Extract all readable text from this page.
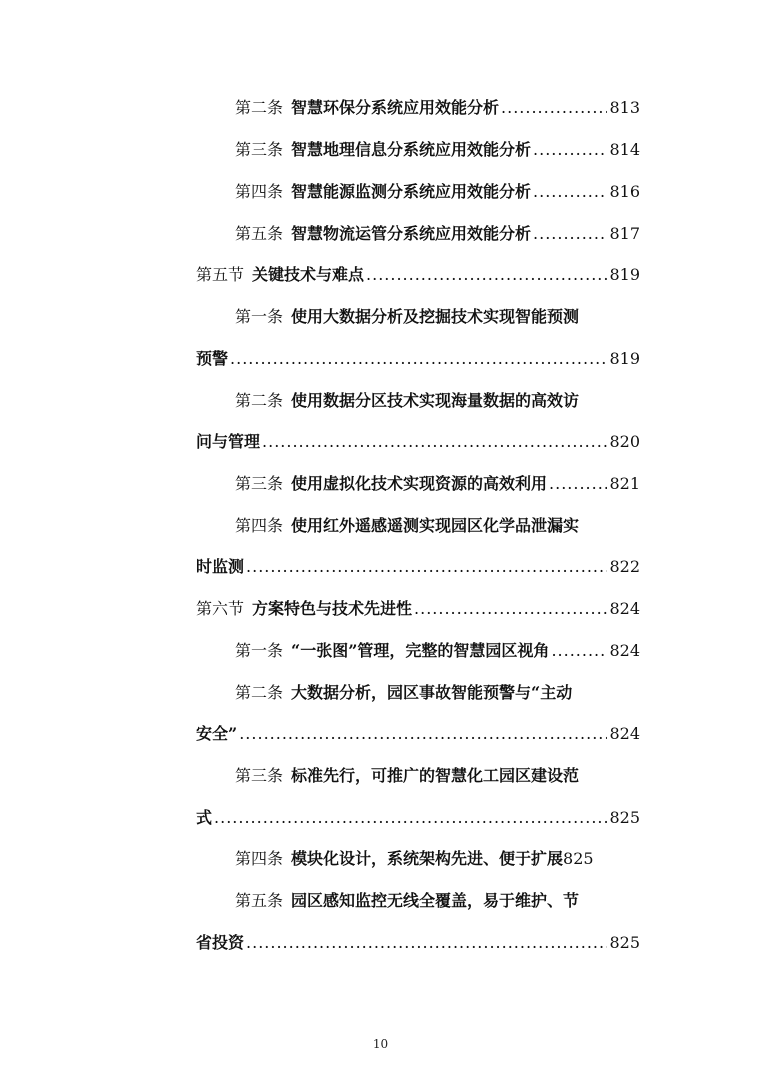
第二条 智慧环保分系统应用效能分析 .....	813
第三条 智慧地理信息分系统应用效能分析 .....	814
第四条 智慧能源监测分系统应用效能分析 .....	816
第五条 智慧物流运管分系统应用效能分析 .....	817
第五节 关键技术与难点 .....	819
第一条 使用大数据分析及挖掘技术实现智能预测
预警 .....	819
第二条 使用数据分区技术实现海量数据的高效访
问与管理 .....	820
第三条 使用虚拟化技术实现资源的高效利用 .....	821
第四条 使用红外遥感遥测实现园区化学品泄漏实
时监测 .....	822
第六节 方案特色与技术先进性 .....	824
第一条 “一张图”管理，完整的智慧园区视角 .....	824
第二条 大数据分析，园区事故智能预警与“主动
安全” .....	824
第三条 标准先行，可推广的智慧化工园区建设范
式 .....	825
第四条 模块化设计，系统架构先进、便于扩展 825
第五条 园区感知监控无线全覆盖，易于维护、节
省投资 .....	825
10
